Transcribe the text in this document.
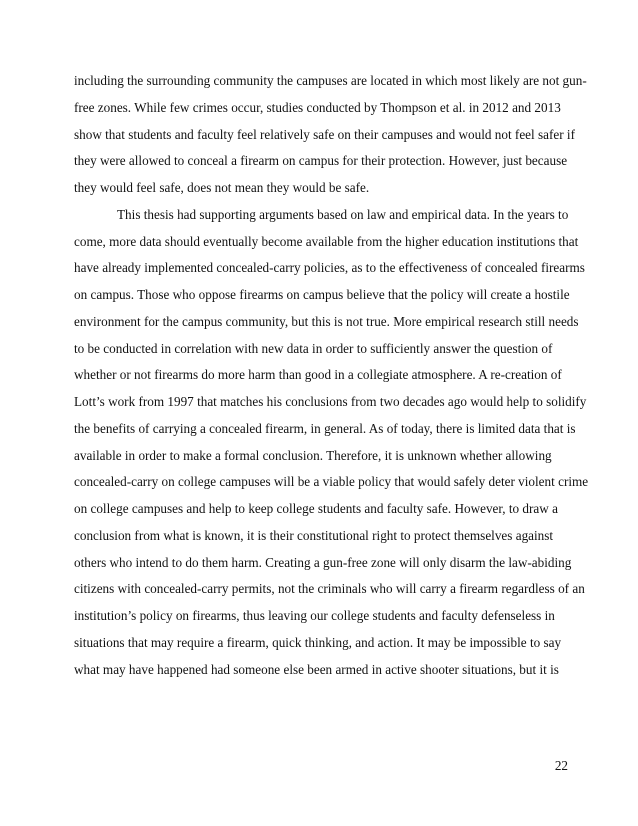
including the surrounding community the campuses are located in which most likely are not gun-
free zones. While few crimes occur, studies conducted by Thompson et al. in 2012 and 2013
show that students and faculty feel relatively safe on their campuses and would not feel safer if
they were allowed to conceal a firearm on campus for their protection. However, just because
they would feel safe, does not mean they would be safe.
This thesis had supporting arguments based on law and empirical data. In the years to
come, more data should eventually become available from the higher education institutions that
have already implemented concealed-carry policies, as to the effectiveness of concealed firearms
on campus. Those who oppose firearms on campus believe that the policy will create a hostile
environment for the campus community, but this is not true. More empirical research still needs
to be conducted in correlation with new data in order to sufficiently answer the question of
whether or not firearms do more harm than good in a collegiate atmosphere. A re-creation of
Lott’s work from 1997 that matches his conclusions from two decades ago would help to solidify
the benefits of carrying a concealed firearm, in general. As of today, there is limited data that is
available in order to make a formal conclusion. Therefore, it is unknown whether allowing
concealed-carry on college campuses will be a viable policy that would safely deter violent crime
on college campuses and help to keep college students and faculty safe. However, to draw a
conclusion from what is known, it is their constitutional right to protect themselves against
others who intend to do them harm. Creating a gun-free zone will only disarm the law-abiding
citizens with concealed-carry permits, not the criminals who will carry a firearm regardless of an
institution’s policy on firearms, thus leaving our college students and faculty defenseless in
situations that may require a firearm, quick thinking, and action. It may be impossible to say
what may have happened had someone else been armed in active shooter situations, but it is
22
